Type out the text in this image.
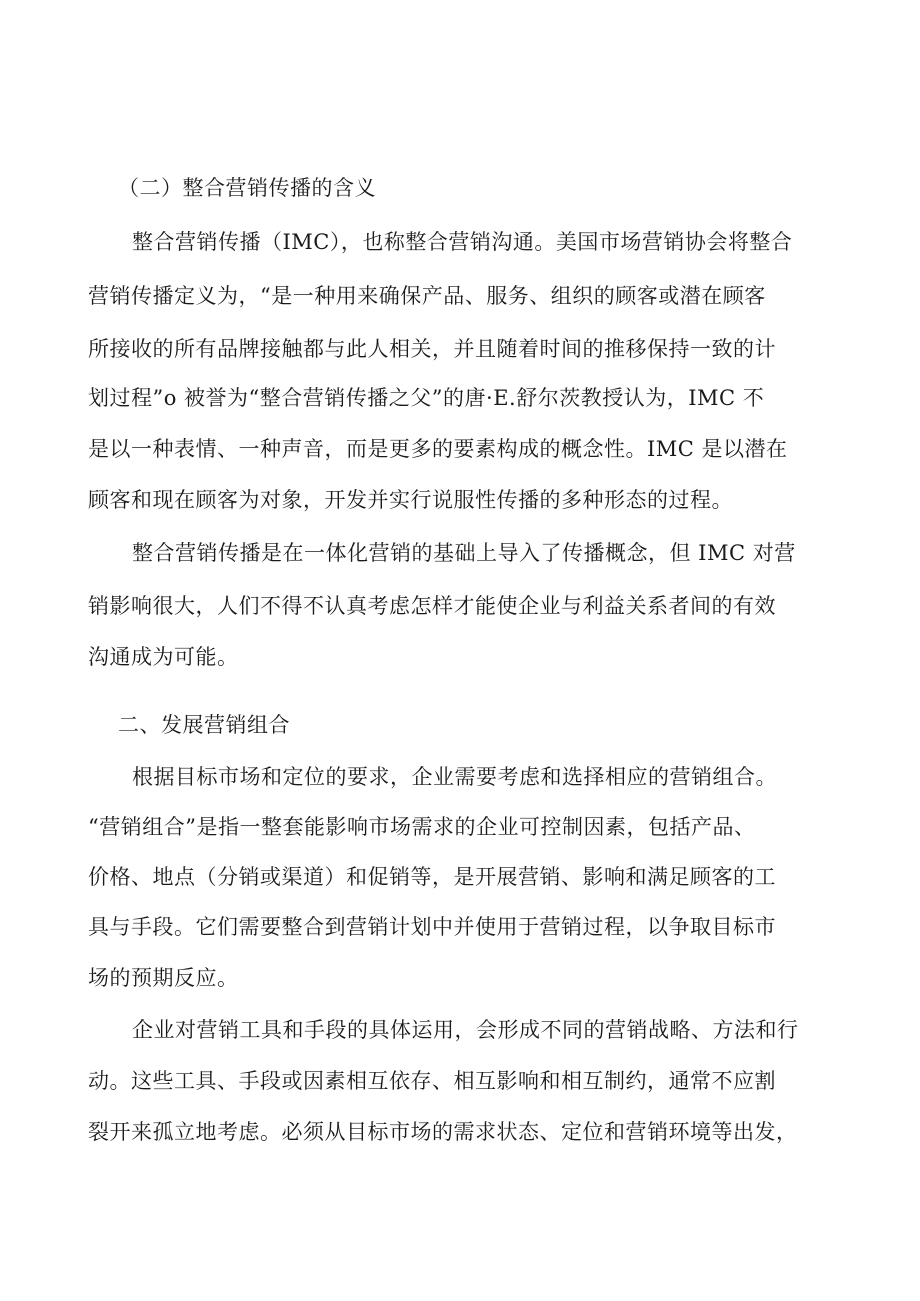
（二）整合营销传播的含义
整合营销传播（IMC），也称整合营销沟通。美国市场营销协会将整合
营销传播定义为，“是一种用来确保产品、服务、组织的顾客或潜在顾客
所接收的所有品牌接触都与此人相关，并且随着时间的推移保持一致的计
划过程”o 被誉为“整合营销传播之父”的唐·E.舒尔茨教授认为，IMC 不
是以一种表情、一种声音，而是更多的要素构成的概念性。IMC 是以潜在
顾客和现在顾客为对象，开发并实行说服性传播的多种形态的过程。
整合营销传播是在一体化营销的基础上导入了传播概念，但 IMC 对营
销影响很大，人们不得不认真考虑怎样才能使企业与利益关系者间的有效
沟通成为可能。
二、发展营销组合
根据目标市场和定位的要求，企业需要考虑和选择相应的营销组合。
“营销组合”是指一整套能影响市场需求的企业可控制因素，包括产品、
价格、地点（分销或渠道）和促销等，是开展营销、影响和满足顾客的工
具与手段。它们需要整合到营销计划中并使用于营销过程，以争取目标市
场的预期反应。
企业对营销工具和手段的具体运用，会形成不同的营销战略、方法和行
动。这些工具、手段或因素相互依存、相互影响和相互制约，通常不应割
裂开来孤立地考虑。必须从目标市场的需求状态、定位和营销环境等出发，
